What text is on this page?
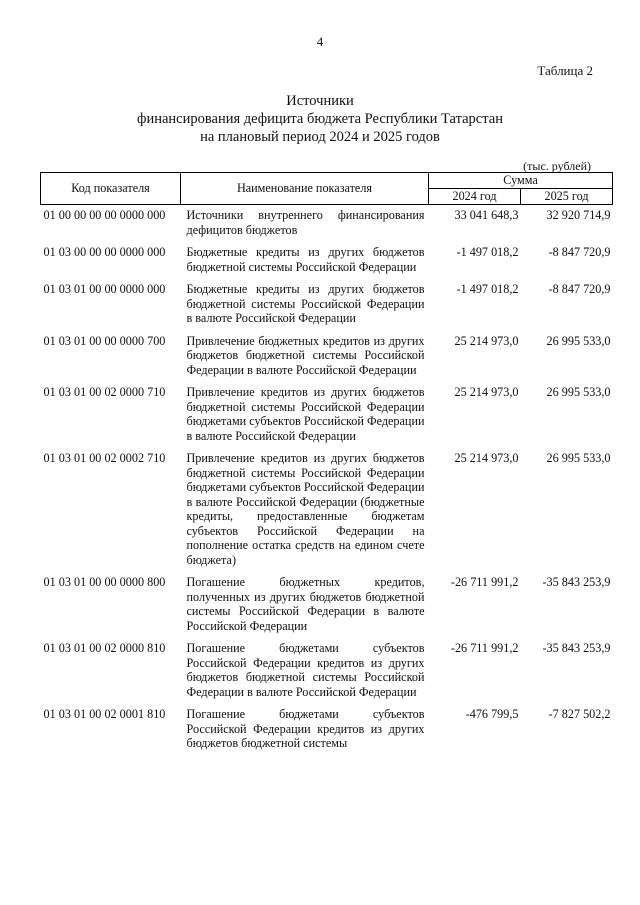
4
Таблица 2
Источники
финансирования дефицита бюджета Республики Татарстан
на плановый период 2024 и 2025 годов
(тыс. рублей)
Код показателя	Наименование показателя	Сумма	
		2024 год	2025 год
01 00 00 00 00 0000 000	Источники внутреннего финансирования дефицитов бюджетов	33 041 648,3	32 920 714,9
01 03 00 00 00 0000 000	Бюджетные кредиты из других бюджетов бюджетной системы Российской Федерации	-1 497 018,2	-8 847 720,9
01 03 01 00 00 0000 000	Бюджетные кредиты из других бюджетов бюджетной системы Российской Федерации в валюте Российской Федерации	-1 497 018,2	-8 847 720,9
01 03 01 00 00 0000 700	Привлечение бюджетных кредитов из других бюджетов бюджетной системы Российской Федерации в валюте Российской Федерации	25 214 973,0	26 995 533,0
01 03 01 00 02 0000 710	Привлечение кредитов из других бюджетов бюджетной системы Российской Федерации бюджетами субъектов Российской Федерации в валюте Российской Федерации	25 214 973,0	26 995 533,0
01 03 01 00 02 0002 710	Привлечение кредитов из других бюджетов бюджетной системы Российской Федерации бюджетами субъектов Российской Федерации в валюте Российской Федерации (бюджетные кредиты, предоставленные бюджетам субъектов Российской Федерации на пополнение остатка средств на едином счете бюджета)	25 214 973,0	26 995 533,0
01 03 01 00 00 0000 800	Погашение бюджетных кредитов, полученных из других бюджетов бюджетной системы Российской Федерации в валюте Российской Федерации	-26 711 991,2	-35 843 253,9
01 03 01 00 02 0000 810	Погашение бюджетами субъектов Российской Федерации кредитов из других бюджетов бюджетной системы Российской Федерации в валюте Российской Федерации	-26 711 991,2	-35 843 253,9
01 03 01 00 02 0001 810	Погашение бюджетами субъектов Российской Федерации кредитов из других бюджетов бюджетной системы	-476 799,5	-7 827 502,2
